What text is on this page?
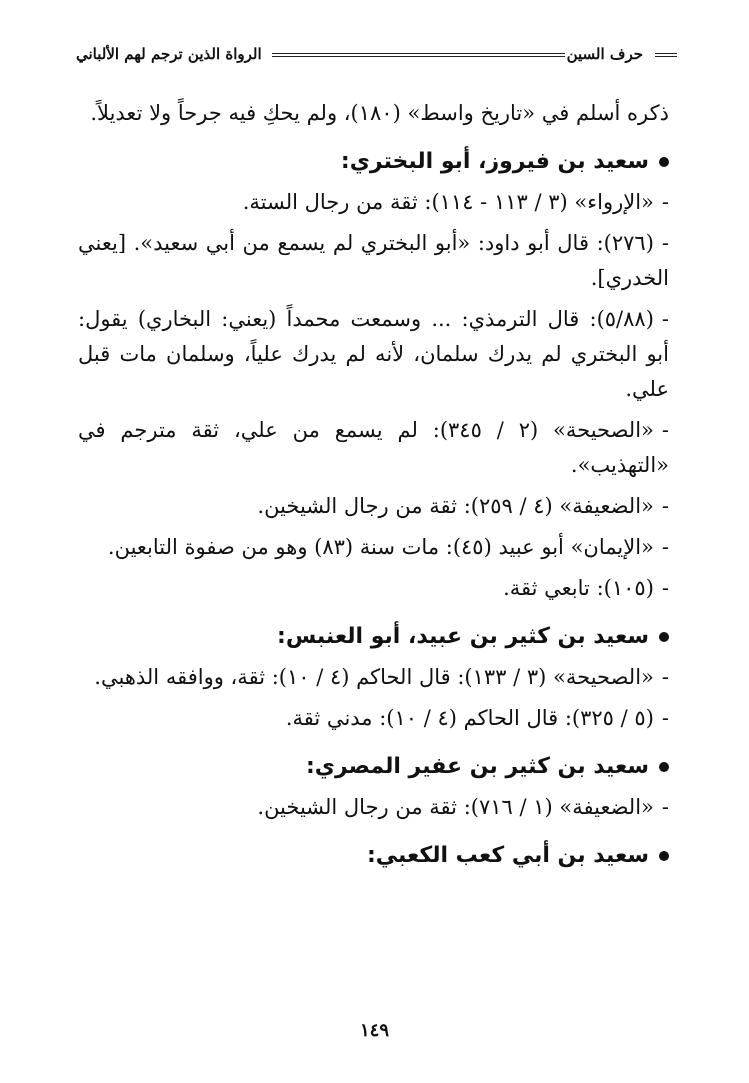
حرف السين
الرواة الذين ترجم لهم الألباني

ذكره أسلم في «تاريخ واسط» (١٨٠)، ولم يحكِ فيه جرحاً ولا تعديلاً.

سعيد بن فيروز، أبو البختري:

-«الإرواء» (٣ / ١١٣ - ١١٤): ثقة من رجال الستة.

-(٢٧٦): قال أبو داود: «أبو البختري لم يسمع من أبي سعيد». [يعني الخدري].

-(٥/٨٨): قال الترمذي: ... وسمعت محمداً (يعني: البخاري) يقول: أبو البختري لم يدرك سلمان، لأنه لم يدرك علياً، وسلمان مات قبل علي.

-«الصحيحة» (٢ / ٣٤٥): لم يسمع من علي، ثقة مترجم في «التهذيب».

-«الضعيفة» (٤ / ٢٥٩): ثقة من رجال الشيخين.

-«الإيمان» أبو عبيد (٤٥): مات سنة (٨٣) وهو من صفوة التابعين.

-(١٠٥): تابعي ثقة.

سعيد بن كثير بن عبيد، أبو العنبس:

-«الصحيحة» (٣ / ١٣٣): قال الحاكم (٤ / ١٠): ثقة، ووافقه الذهبي.

-(٥ / ٣٢٥): قال الحاكم (٤ / ١٠): مدني ثقة.

سعيد بن كثير بن عفير المصري:

-«الضعيفة» (١ / ٧١٦): ثقة من رجال الشيخين.

سعيد بن أبي كعب الكعبي:
١٤٩
